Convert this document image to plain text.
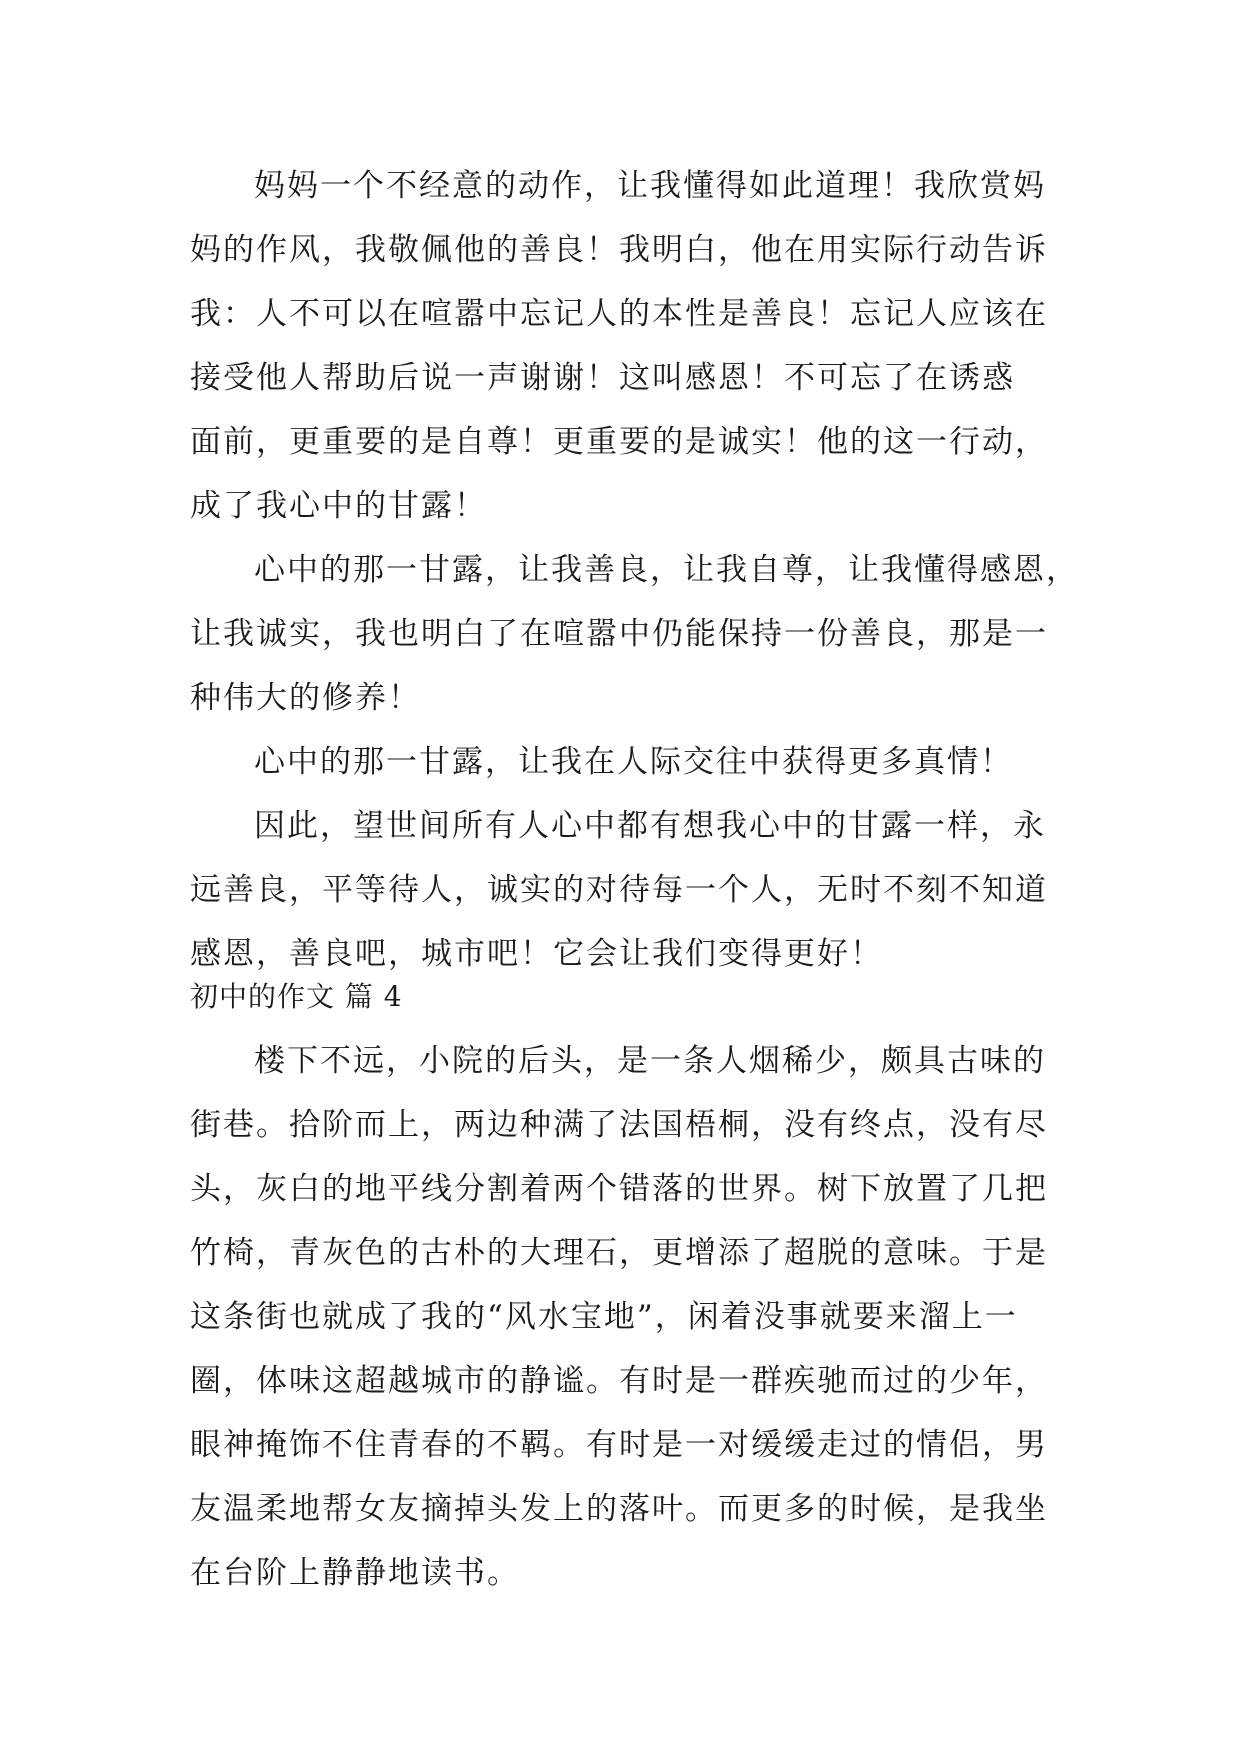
妈妈一个不经意的动作，让我懂得如此道理！我欣赏妈
妈的作风，我敬佩他的善良！我明白，他在用实际行动告诉
我：人不可以在喧嚣中忘记人的本性是善良！忘记人应该在
接受他人帮助后说一声谢谢！这叫感恩！不可忘了在诱惑
面前，更重要的是自尊！更重要的是诚实！他的这一行动，
成了我心中的甘露！
心中的那一甘露，让我善良，让我自尊，让我懂得感恩，
让我诚实，我也明白了在喧嚣中仍能保持一份善良，那是一
种伟大的修养！
心中的那一甘露，让我在人际交往中获得更多真情！
因此，望世间所有人心中都有想我心中的甘露一样，永
远善良，平等待人，诚实的对待每一个人，无时不刻不知道
感恩，善良吧，城市吧！它会让我们变得更好！
初中的作文 篇 4
楼下不远，小院的后头，是一条人烟稀少，颇具古味的
街巷。拾阶而上，两边种满了法国梧桐，没有终点，没有尽
头，灰白的地平线分割着两个错落的世界。树下放置了几把
竹椅，青灰色的古朴的大理石，更增添了超脱的意味。于是
这条街也就成了我的“风水宝地”，闲着没事就要来溜上一
圈，体味这超越城市的静谧。有时是一群疾驰而过的少年，
眼神掩饰不住青春的不羁。有时是一对缓缓走过的情侣，男
友温柔地帮女友摘掉头发上的落叶。而更多的时候，是我坐
在台阶上静静地读书。
